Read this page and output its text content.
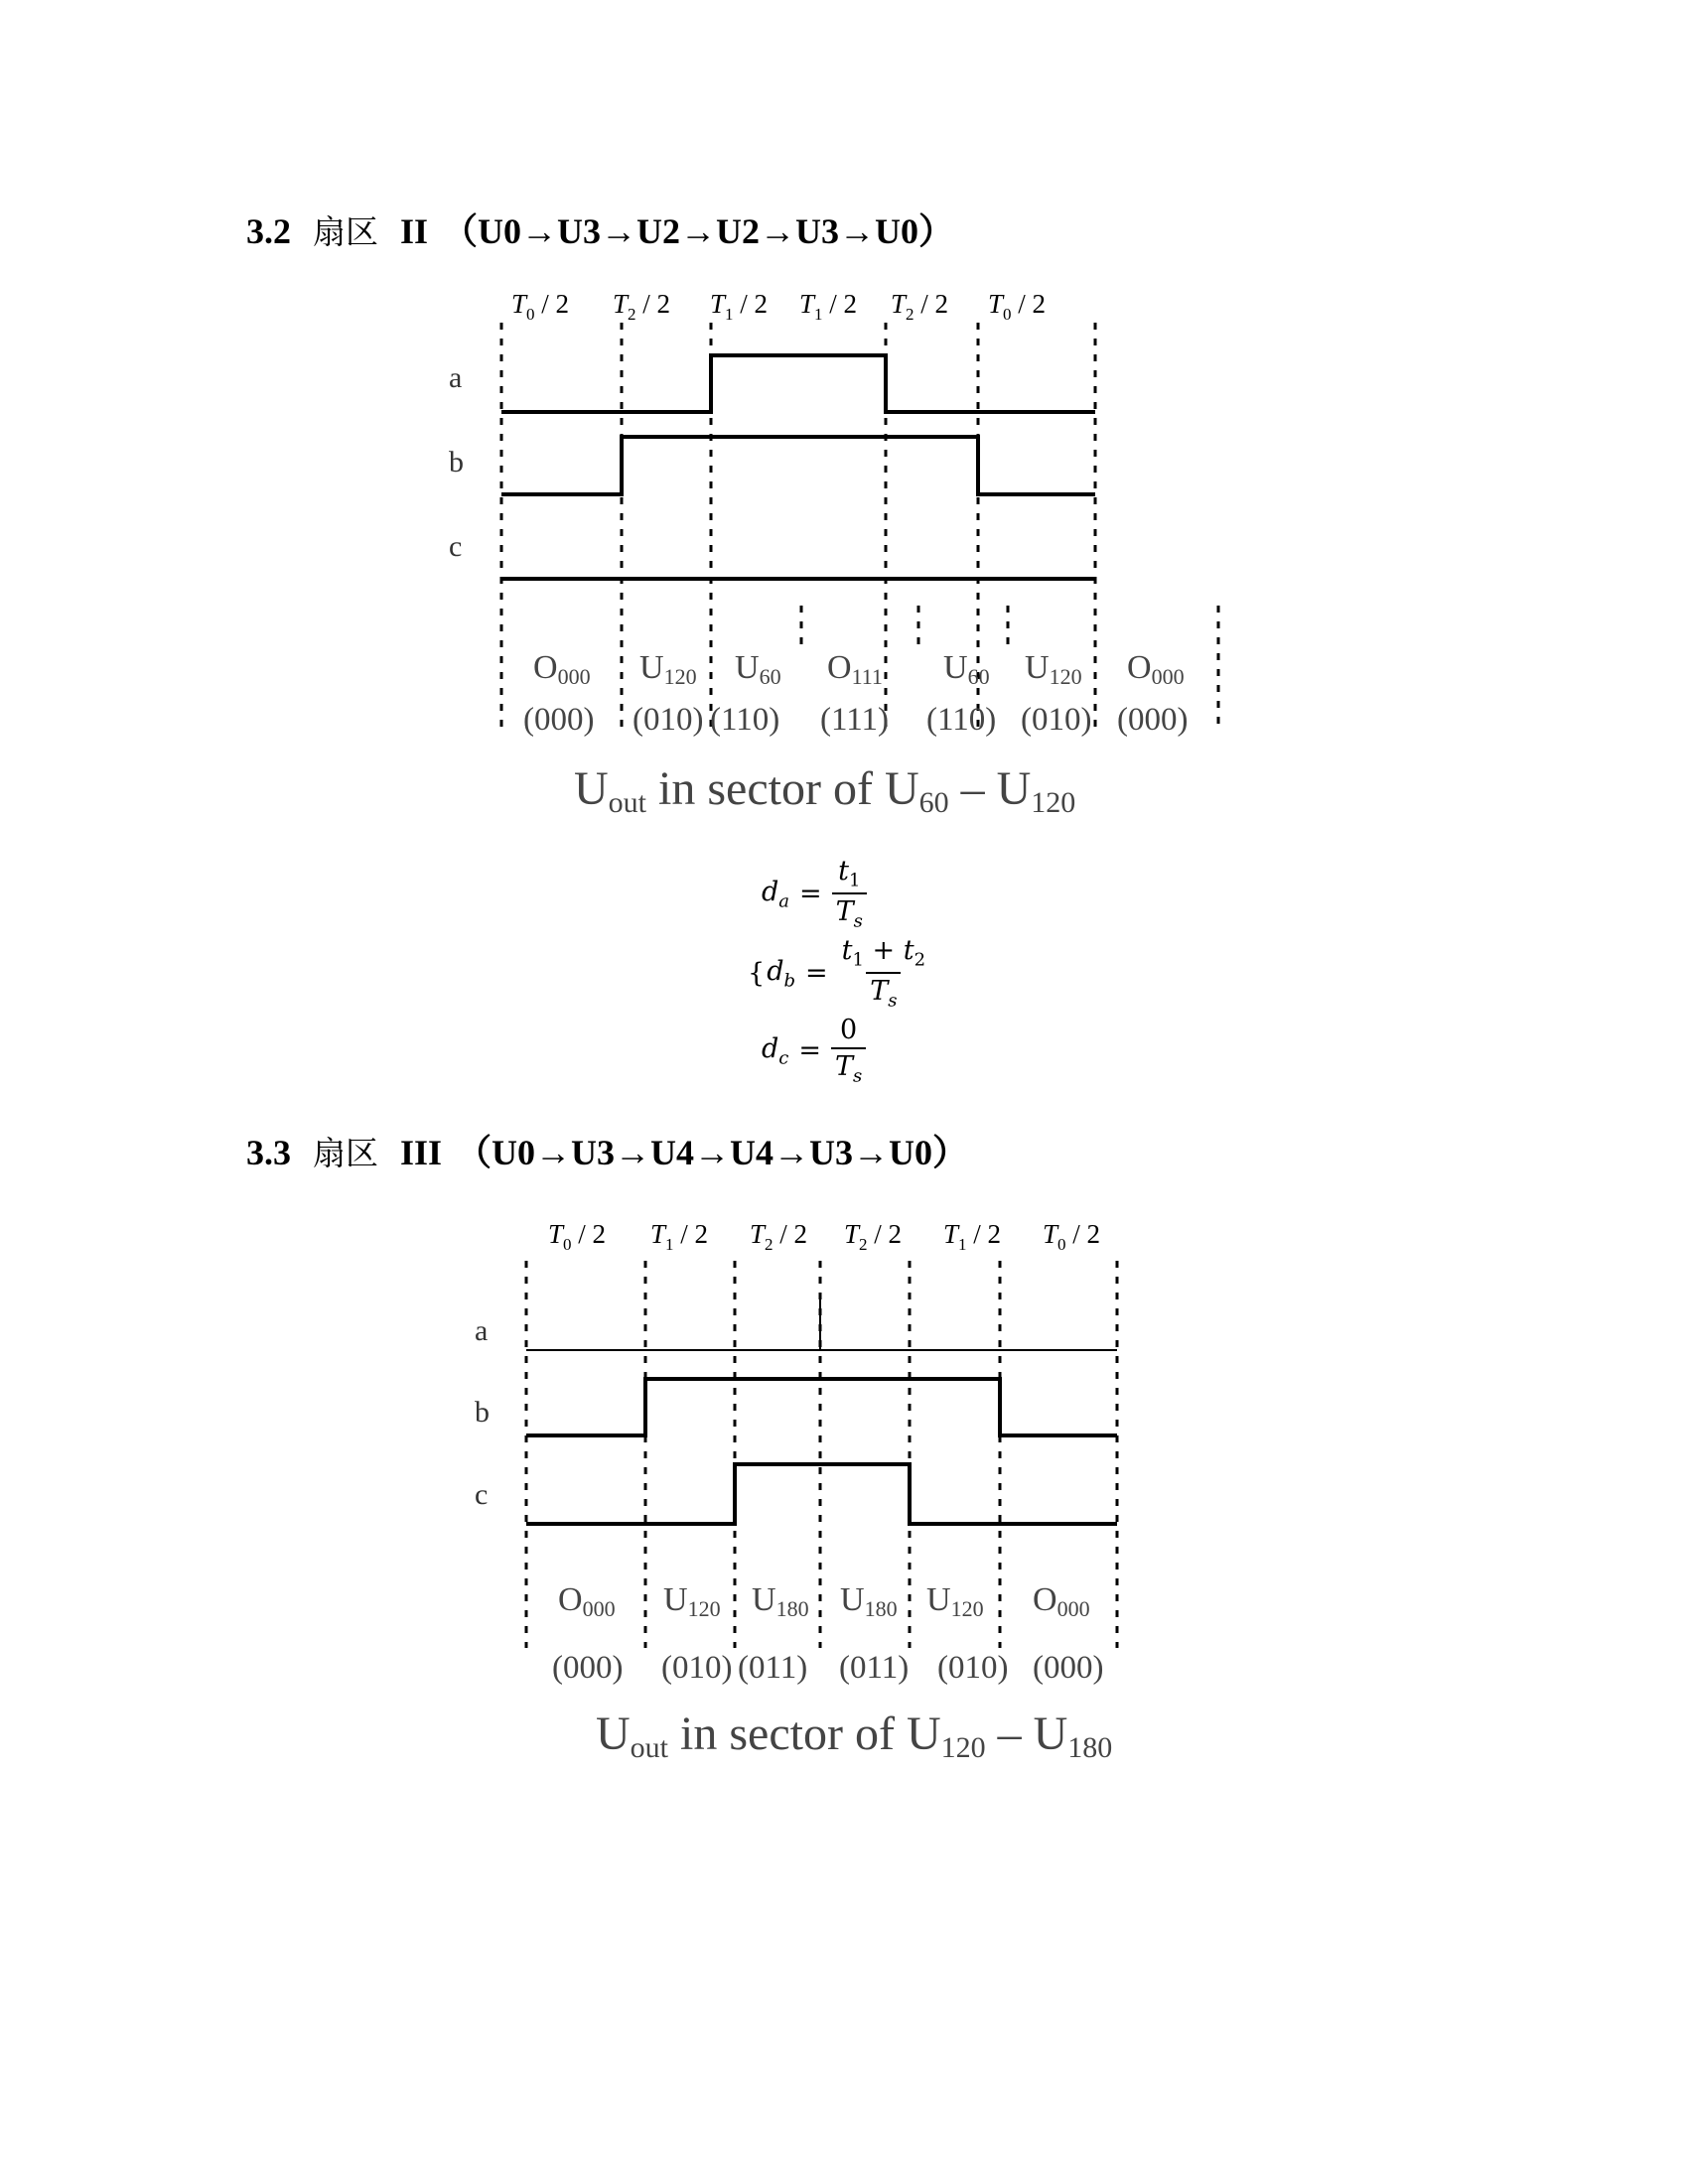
3.2 扇区 II （U0→U3→U2→U2→U3→U0）
$T_0 / 2$ $T_2 / 2$ $T_1 / 2$ $T_1 / 2$ $T_2 / 2$ $T_0 / 2$
a
b
c
O000 U120 U60 O111 U60 U120 O000
(000) (010) (110) (111) (110) (010) (000)
Uout in sector of U60 – U120
$d_a = \frac{t_1}{T_s}$
{ $d_b = \frac{t_1 + t_2}{T_s}$
$d_c = \frac{0}{T_s}$
3.3 扇区 III （U0→U3→U4→U4→U3→U0）
$T_0 / 2$ $T_1 / 2$ $T_2 / 2$ $T_2 / 2$ $T_1 / 2$ $T_0 / 2$
a
b
c
O000 U120 U180 U180 U120 O000
(000) (010) (011) (011) (010) (000)
Uout in sector of U120 – U180
